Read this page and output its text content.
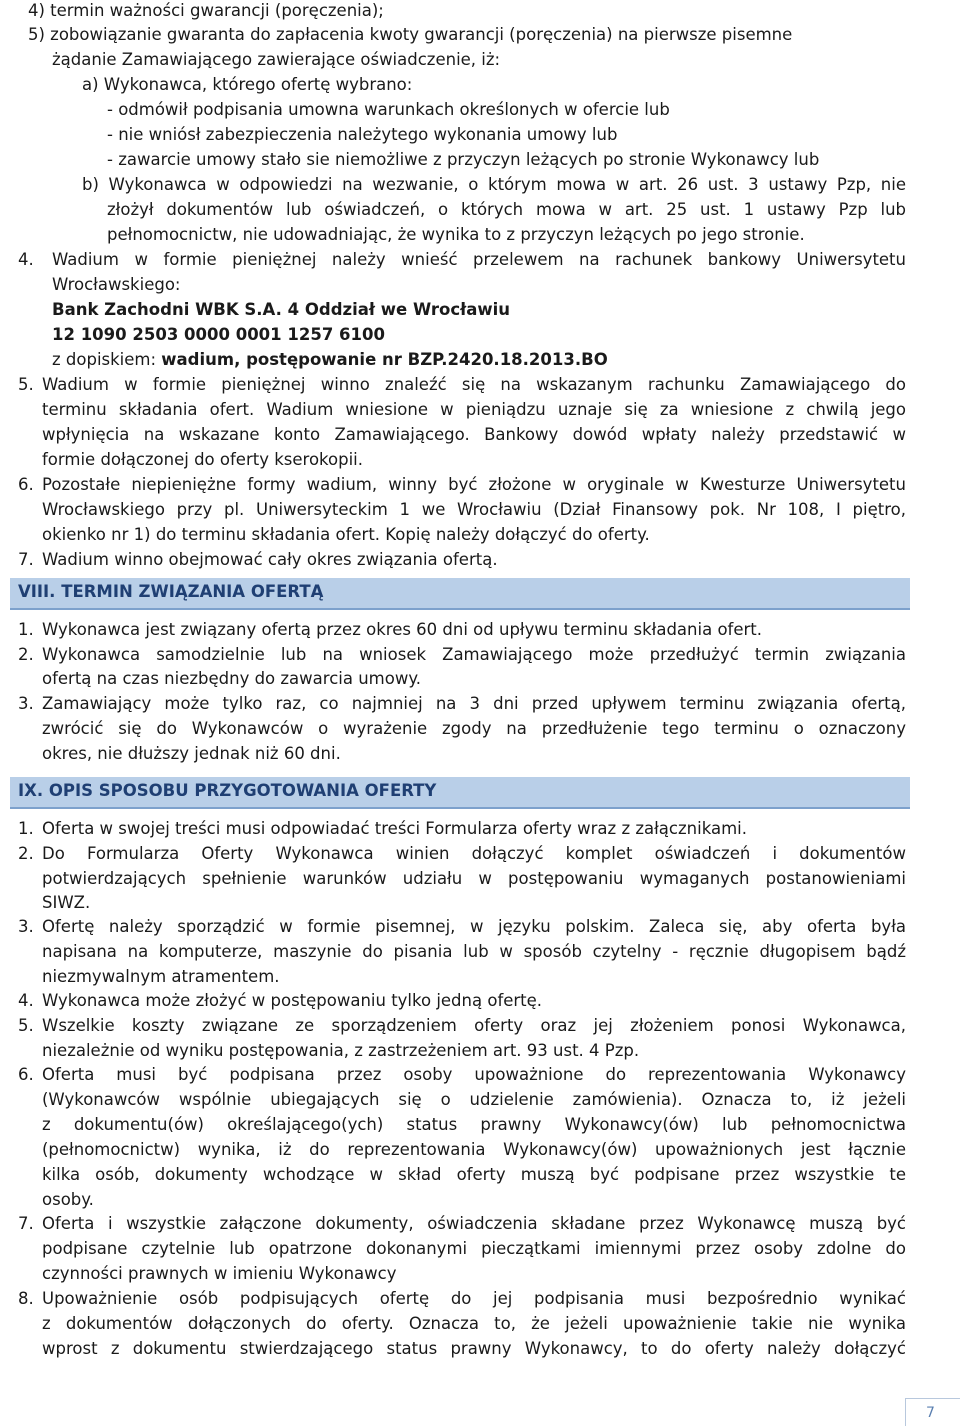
4) termin ważności gwarancji (poręczenia);
5) zobowiązanie gwaranta do zapłacenia kwoty gwarancji (poręczenia) na pierwsze pisemne
żądanie Zamawiającego zawierające oświadczenie, iż:
a) Wykonawca, którego ofertę wybrano:
- odmówił podpisania umowna warunkach określonych w ofercie lub
- nie wniósł zabezpieczenia należytego wykonania umowy lub
- zawarcie umowy stało sie niemożliwe z przyczyn leżących po stronie Wykonawcy lub
b) Wykonawca w odpowiedzi na wezwanie, o którym mowa w art. 26 ust. 3 ustawy Pzp, nie
złożył dokumentów lub oświadczeń, o których mowa w art. 25 ust. 1 ustawy Pzp lub
pełnomocnictw, nie udowadniając, że wynika to z przyczyn leżących po jego stronie.
4. Wadium w formie pieniężnej należy wnieść przelewem na rachunek bankowy Uniwersytetu
Wrocławskiego:
Bank Zachodni WBK S.A. 4 Oddział we Wrocławiu
12 1090 2503 0000 0001 1257 6100
z dopiskiem: wadium, postępowanie nr BZP.2420.18.2013.BO
5. Wadium w formie pieniężnej winno znaleźć się na wskazanym rachunku Zamawiającego do
terminu składania ofert. Wadium wniesione w pieniądzu uznaje się za wniesione z chwilą jego
wpłynięcia na wskazane konto Zamawiającego. Bankowy dowód wpłaty należy przedstawić w
formie dołączonej do oferty kserokopii.
6. Pozostałe niepieniężne formy wadium, winny być złożone w oryginale w Kwesturze Uniwersytetu
Wrocławskiego przy pl. Uniwersyteckim 1 we Wrocławiu (Dział Finansowy pok. Nr 108, I piętro,
okienko nr 1) do terminu składania ofert. Kopię należy dołączyć do oferty.
7. Wadium winno obejmować cały okres związania ofertą.
VIII. TERMIN ZWIĄZANIA OFERTĄ
1. Wykonawca jest związany ofertą przez okres 60 dni od upływu terminu składania ofert.
2. Wykonawca samodzielnie lub na wniosek Zamawiającego może przedłużyć termin związania
ofertą na czas niezbędny do zawarcia umowy.
3. Zamawiający może tylko raz, co najmniej na 3 dni przed upływem terminu związania ofertą,
zwrócić się do Wykonawców o wyrażenie zgody na przedłużenie tego terminu o oznaczony
okres, nie dłuższy jednak niż 60 dni.
IX. OPIS SPOSOBU PRZYGOTOWANIA OFERTY
1. Oferta w swojej treści musi odpowiadać treści Formularza oferty wraz z załącznikami.
2. Do Formularza Oferty Wykonawca winien dołączyć komplet oświadczeń i dokumentów
potwierdzających spełnienie warunków udziału w postępowaniu wymaganych postanowieniami
SIWZ.
3. Ofertę należy sporządzić w formie pisemnej, w języku polskim. Zaleca się, aby oferta była
napisana na komputerze, maszynie do pisania lub w sposób czytelny - ręcznie długopisem bądź
niezmywalnym atramentem.
4. Wykonawca może złożyć w postępowaniu tylko jedną ofertę.
5. Wszelkie koszty związane ze sporządzeniem oferty oraz jej złożeniem ponosi Wykonawca,
niezależnie od wyniku postępowania, z zastrzeżeniem art. 93 ust. 4 Pzp.
6. Oferta musi być podpisana przez osoby upoważnione do reprezentowania Wykonawcy
(Wykonawców wspólnie ubiegających się o udzielenie zamówienia). Oznacza to, iż jeżeli
z dokumentu(ów) określającego(ych) status prawny Wykonawcy(ów) lub pełnomocnictwa
(pełnomocnictw) wynika, iż do reprezentowania Wykonawcy(ów) upoważnionych jest łącznie
kilka osób, dokumenty wchodzące w skład oferty muszą być podpisane przez wszystkie te
osoby.
7. Oferta i wszystkie załączone dokumenty, oświadczenia składane przez Wykonawcę muszą być
podpisane czytelnie lub opatrzone dokonanymi pieczątkami imiennymi przez osoby zdolne do
czynności prawnych w imieniu Wykonawcy
8. Upoważnienie osób podpisujących ofertę do jej podpisania musi bezpośrednio wynikać
z dokumentów dołączonych do oferty. Oznacza to, że jeżeli upoważnienie takie nie wynika
wprost z dokumentu stwierdzającego status prawny Wykonawcy, to do oferty należy dołączyć
7
